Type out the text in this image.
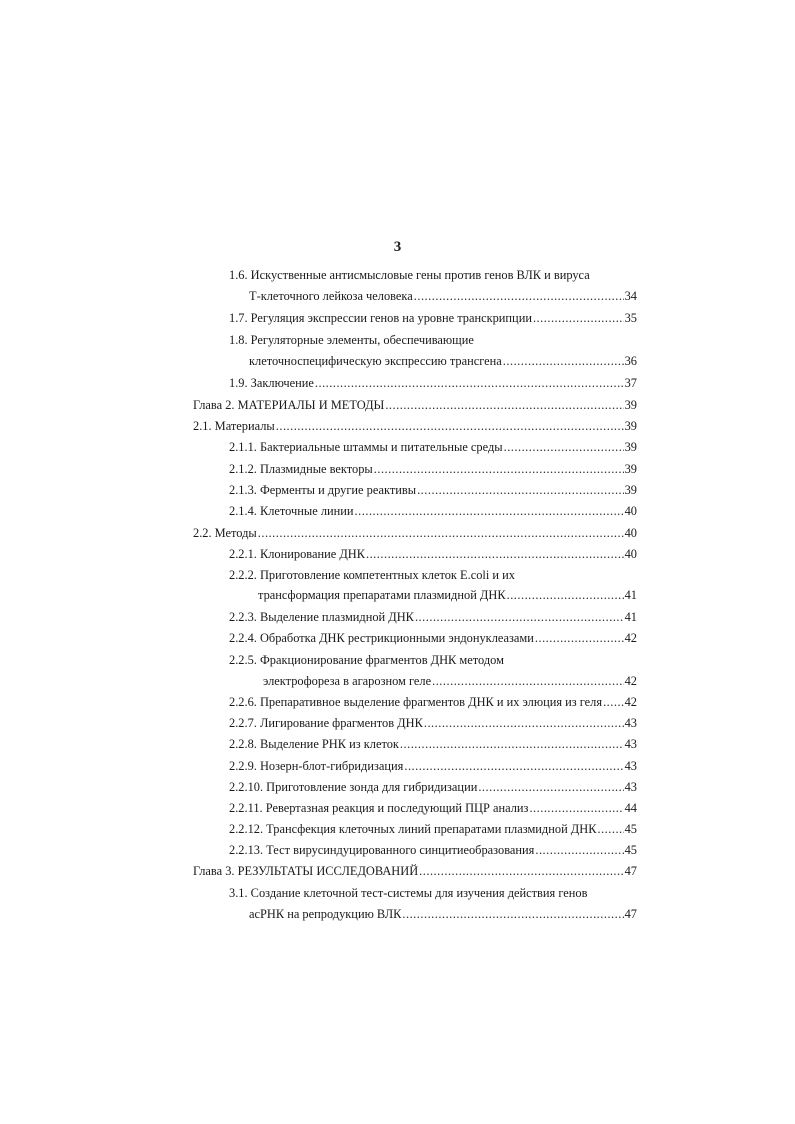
3
1.6. Искуственные антисмысловые гены против генов ВЛК и вируса
Т-клеточного лейкоза человека .....	34
1.7. Регуляция экспрессии генов на уровне транскрипции .....	35
1.8. Регуляторные элементы, обеспечивающие
клеточноспецифическую экспрессию трансгена .....	36
1.9. Заключение .....	37
Глава 2. МАТЕРИАЛЫ И МЕТОДЫ .....	39
2.1. Материалы .....	39
2.1.1. Бактериальные штаммы и питательные среды .....	39
2.1.2. Плазмидные векторы .....	39
2.1.3. Ферменты и другие реактивы .....	39
2.1.4. Клеточные линии .....	40
2.2. Методы .....	40
2.2.1. Клонирование ДНК .....	40
2.2.2. Приготовление компетентных клеток E.coli и их
трансформация препаратами плазмидной ДНК .....	41
2.2.3. Выделение плазмидной ДНК .....	41
2.2.4. Обработка ДНК рестрикционными эндонуклеазами .....	42
2.2.5. Фракционирование фрагментов ДНК методом
электрофореза в агарозном геле .....	42
2.2.6. Препаративное выделение фрагментов ДНК и их элюция из геля ..... 42
2.2.7. Лигирование фрагментов ДНК .....	43
2.2.8. Выделение РНК из клеток .....	43
2.2.9. Нозерн-блот-гибридизация .....	43
2.2.10. Приготовление зонда для гибридизации .....	43
2.2.11. Ревертазная реакция и последующий ПЦР анализ .....	44
2.2.12. Трансфекция клеточных линий препаратами плазмидной ДНК ..... 45
2.2.13. Тест вирусиндуцированного синцитиеобразования .....	45
Глава 3. РЕЗУЛЬТАТЫ ИССЛЕДОВАНИЙ .....	47
3.1. Создание клеточной тест-системы для изучения действия генов
асРНК на репродукцию ВЛК .....	47
